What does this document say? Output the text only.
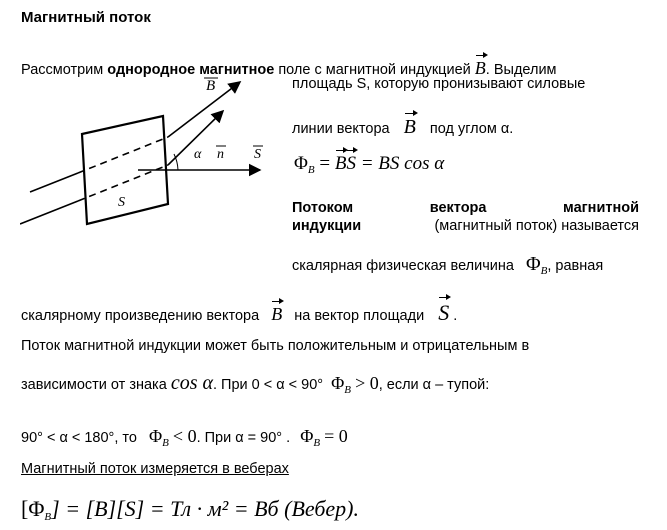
Магнитный поток
Рассмотрим однородное магнитное поле с магнитной индукцией B. Выделим
площадь S, которую пронизывают силовые
линии вектора B под углом α.
$\Phi_B$ = BS = BS cos α
Потоком	вектора	магнитной
индукции	(магнитный поток) называется
скалярная физическая величина $\Phi_B$, равная
скалярному произведению вектора B на вектор площади S .
Поток магнитной индукции может быть положительным и отрицательным в
зависимости от знака cos α. При 0 < α < 90° $\Phi_B > 0$, если α – тупой:
90° < α < 180°, то $\Phi_B < 0$. При α = 90° . $\Phi_B = 0$
Магнитный поток измеряется в веберах
$[\Phi_B] = [B][S]$ = Тл · м² = Вб (Вебер).
B
α n S
S
